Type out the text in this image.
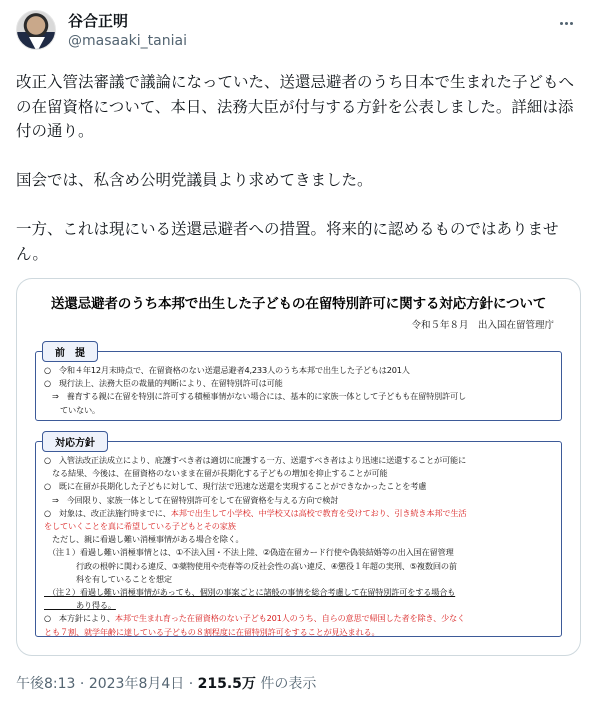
谷合正明
@masaaki_taniai
改正入管法審議で議論になっていた、送還忌避者のうち日本で生まれた子どもへの在留資格について、本日、法務大臣が付与する方針を公表しました。詳細は添付の通り。

国会では、私含め公明党議員より求めてきました。

一方、これは現にいる送還忌避者への措置。将来的に認めるものではありません。
送還忌避者のうち本邦で出生した子どもの在留特別許可に関する対応方針について
令和５年８月　出入国在留管理庁
前　提
○　令和４年12月末時点で、在留資格のない送還忌避者4,233人のうち本邦で出生した子どもは201人
○　現行法上、法務大臣の裁量的判断により、在留特別許可は可能
　⇒　養育する親に在留を特別に許可する積極事情がない場合には、基本的に家族一体として子どもも在留特別許可し
　　ていない。
対応方針
○　入管法改正法成立により、庇護すべき者は適切に庇護する一方、送還すべき者はより迅速に送還することが可能に
　なる結果、今後は、在留資格のないまま在留が長期化する子どもの増加を抑止することが可能
○　既に在留が長期化した子どもに対して、現行法で迅速な送還を実現することができなかったことを考慮
　⇒　今回限り、家族一体として在留特別許可をして在留資格を与える方向で検討
○　対象は、改正法施行時までに、本邦で出生して小学校、中学校又は高校で教育を受けており、引き続き本邦で生活
をしていくことを真に希望している子どもとその家族
　ただし、親に看過し難い消極事情がある場合を除く。
　（注１）看過し難い消極事情とは、①不法入国・不法上陸、②偽造在留カード行使や偽装結婚等の出入国在留管理
　　　　行政の根幹に関わる違反、③薬物使用や売春等の反社会性の高い違反、④懲役１年超の実刑、⑤複数回の前
　　　　科を有していることを想定
　（注２）看過し難い消極事情があっても、個別の事案ごとに諸般の事情を総合考慮して在留特別許可をする場合も
　　　　あり得る。
○　本方針により、本邦で生まれ育った在留資格のない子ども201人のうち、自らの意思で帰国した者を除き、少なく
とも７割、就学年齢に達している子どもの８割程度に在留特別許可をすることが見込まれる。
午後8:13 · 2023年8月4日 · 215.5万 件の表示
